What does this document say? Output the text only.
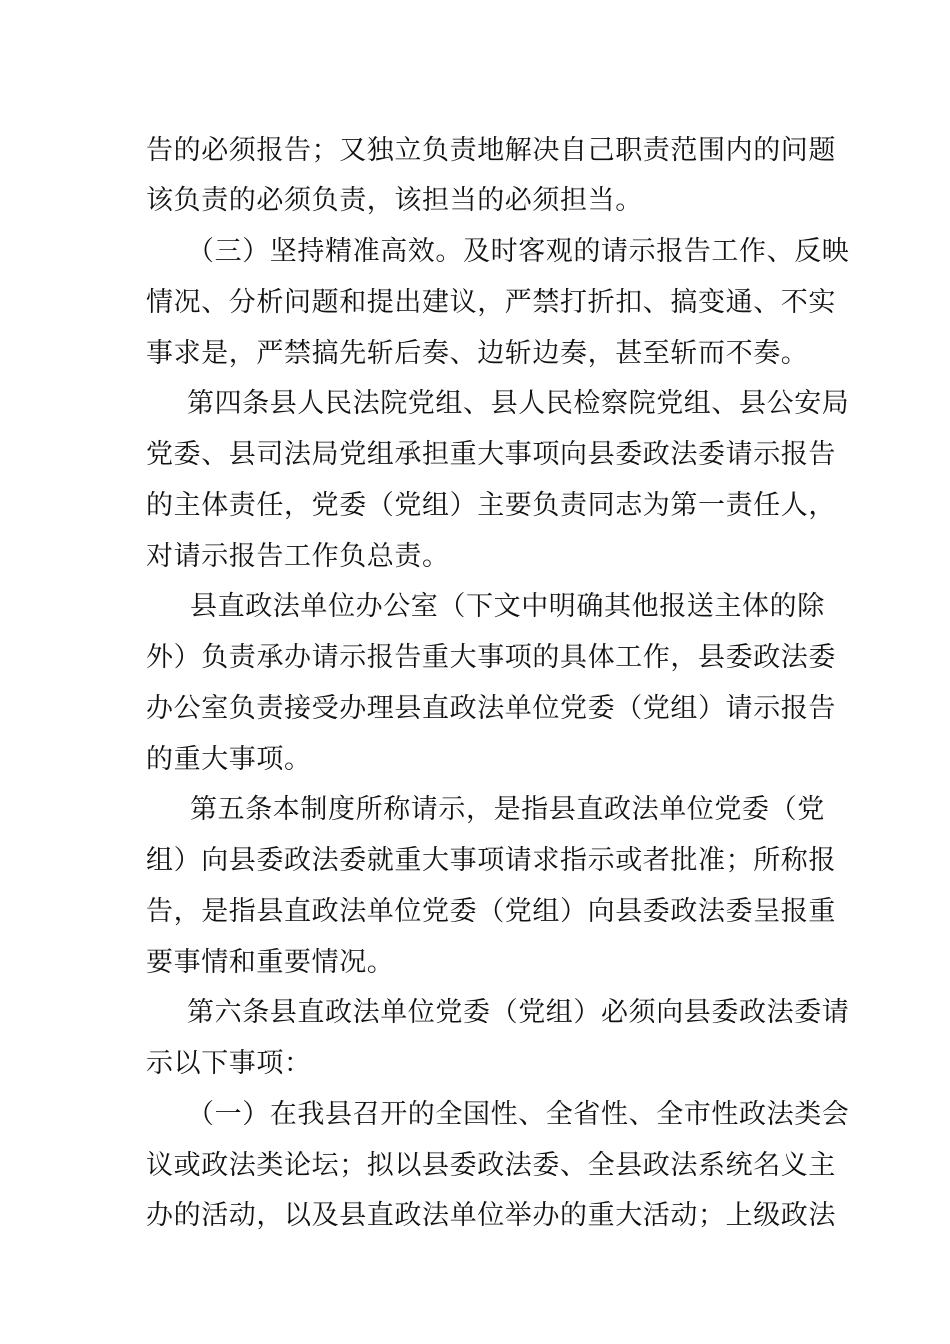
告的必须报告；又独立负责地解决自己职责范围内的问题
该负责的必须负责，该担当的必须担当。
（三）坚持精准高效。及时客观的请示报告工作、反映
情况、分析问题和提出建议，严禁打折扣、搞变通、不实
事求是，严禁搞先斩后奏、边斩边奏，甚至斩而不奏。
第四条县人民法院党组、县人民检察院党组、县公安局
党委、县司法局党组承担重大事项向县委政法委请示报告
的主体责任，党委（党组）主要负责同志为第一责任人，
对请示报告工作负总责。
县直政法单位办公室（下文中明确其他报送主体的除
外）负责承办请示报告重大事项的具体工作，县委政法委
办公室负责接受办理县直政法单位党委（党组）请示报告
的重大事项。
第五条本制度所称请示，是指县直政法单位党委（党
组）向县委政法委就重大事项请求指示或者批准；所称报
告，是指县直政法单位党委（党组）向县委政法委呈报重
要事情和重要情况。
第六条县直政法单位党委（党组）必须向县委政法委请
示以下事项：
（一）在我县召开的全国性、全省性、全市性政法类会
议或政法类论坛；拟以县委政法委、全县政法系统名义主
办的活动，以及县直政法单位举办的重大活动；上级政法
